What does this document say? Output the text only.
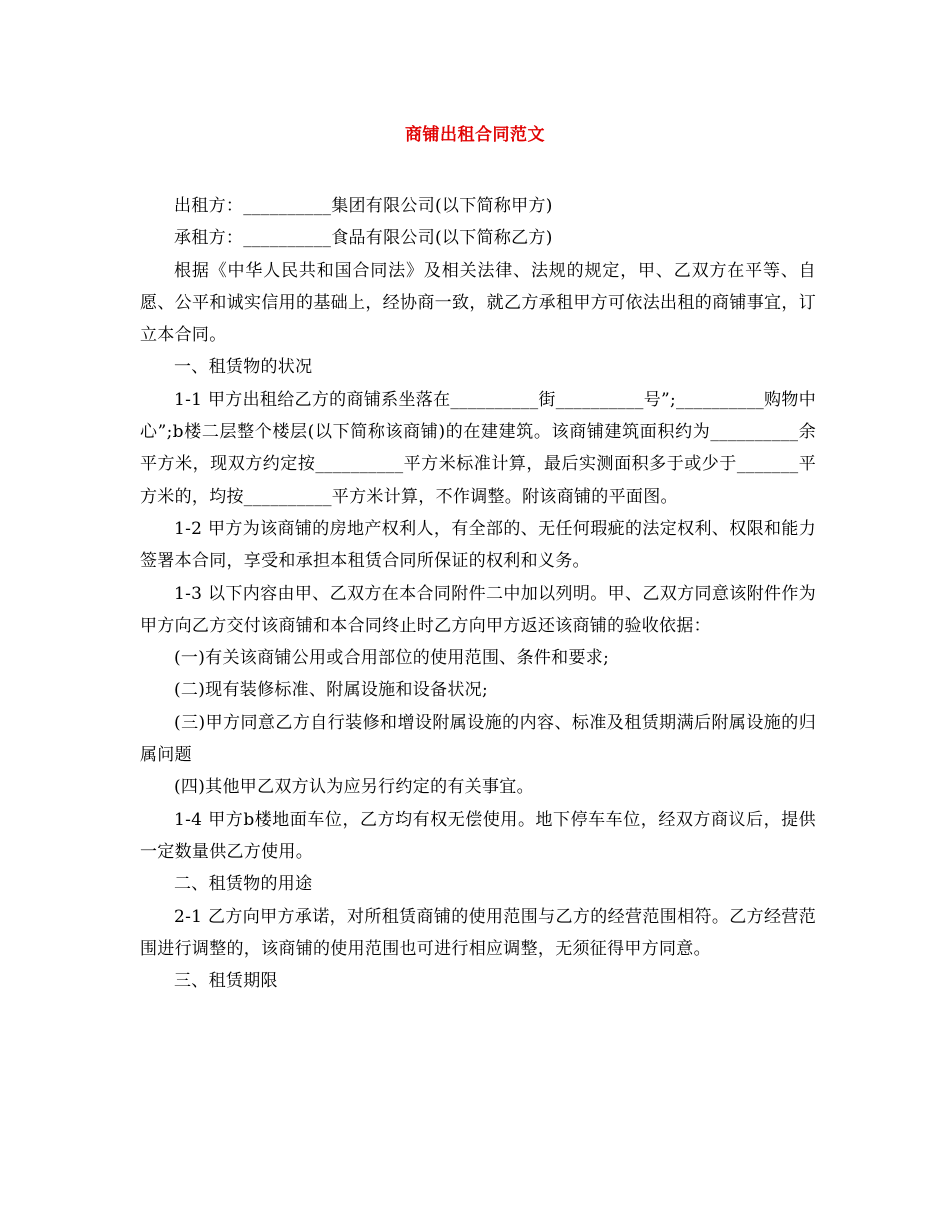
商铺出租合同范文

出租方：__________集团有限公司(以下简称甲方)

承租方：__________食品有限公司(以下简称乙方)

根据《中华人民共和国合同法》及相关法律、法规的规定，甲、乙双方在平等、自愿、公平和诚实信用的基础上，经协商一致，就乙方承租甲方可依法出租的商铺事宜，订立本合同。

一、租赁物的状况

1-1 甲方出租给乙方的商铺系坐落在__________街__________号”;__________购物中心”;b楼二层整个楼层(以下简称该商铺)的在建建筑。该商铺建筑面积约为__________余平方米，现双方约定按__________平方米标准计算，最后实测面积多于或少于_______平方米的，均按__________平方米计算，不作调整。附该商铺的平面图。

1-2 甲方为该商铺的房地产权利人，有全部的、无任何瑕疵的法定权利、权限和能力签署本合同，享受和承担本租赁合同所保证的权利和义务。

1-3 以下内容由甲、乙双方在本合同附件二中加以列明。甲、乙双方同意该附件作为甲方向乙方交付该商铺和本合同终止时乙方向甲方返还该商铺的验收依据：

(一)有关该商铺公用或合用部位的使用范围、条件和要求;

(二)现有装修标准、附属设施和设备状况;

(三)甲方同意乙方自行装修和增设附属设施的内容、标准及租赁期满后附属设施的归属问题

(四)其他甲乙双方认为应另行约定的有关事宜。

1-4 甲方b楼地面车位，乙方均有权无偿使用。地下停车车位，经双方商议后，提供一定数量供乙方使用。

二、租赁物的用途

2-1 乙方向甲方承诺，对所租赁商铺的使用范围与乙方的经营范围相符。乙方经营范围进行调整的，该商铺的使用范围也可进行相应调整，无须征得甲方同意。

三、租赁期限
